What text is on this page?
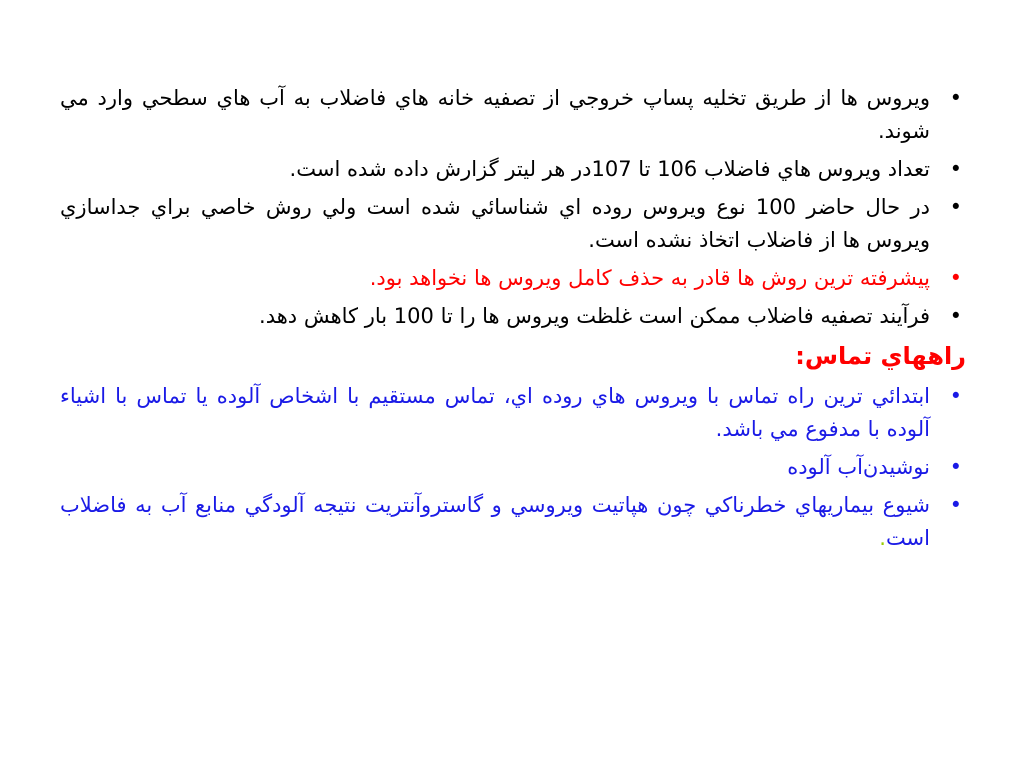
•
ويروس ها از طريق تخليه پساپ خروجي از تصفيه خانه هاي فاضلاب به آب هاي سطحي وارد مي شوند.
•
تعداد ويروس هاي فاضلاب 106 تا 107در هر ليتر گزارش داده شده است.
•
در حال حاضر 100 نوع ويروس روده اي شناسائي شده است ولي روش خاصي براي جداسازي ويروس ها از فاضلاب اتخاذ نشده است.
•
پيشرفته ترين روش ها قادر به حذف كامل ويروس ها نخواهد بود.
•
فرآيند تصفيه فاضلاب ممكن است غلظت ويروس ها را تا 100 بار كاهش دهد.
راههاي تماس:
•
ابتدائي ترين راه تماس با ويروس هاي روده اي، تماس مستقيم با اشخاص آلوده يا تماس با اشياء آلوده با مدفوع مي باشد.
•
نوشيدن‌آب آلوده
•
شيوع بيماريهاي خطرناكي چون هپاتيت ويروسي و گاستروآنتريت نتيجه آلودگي منابع آب به فاضلاب است.
